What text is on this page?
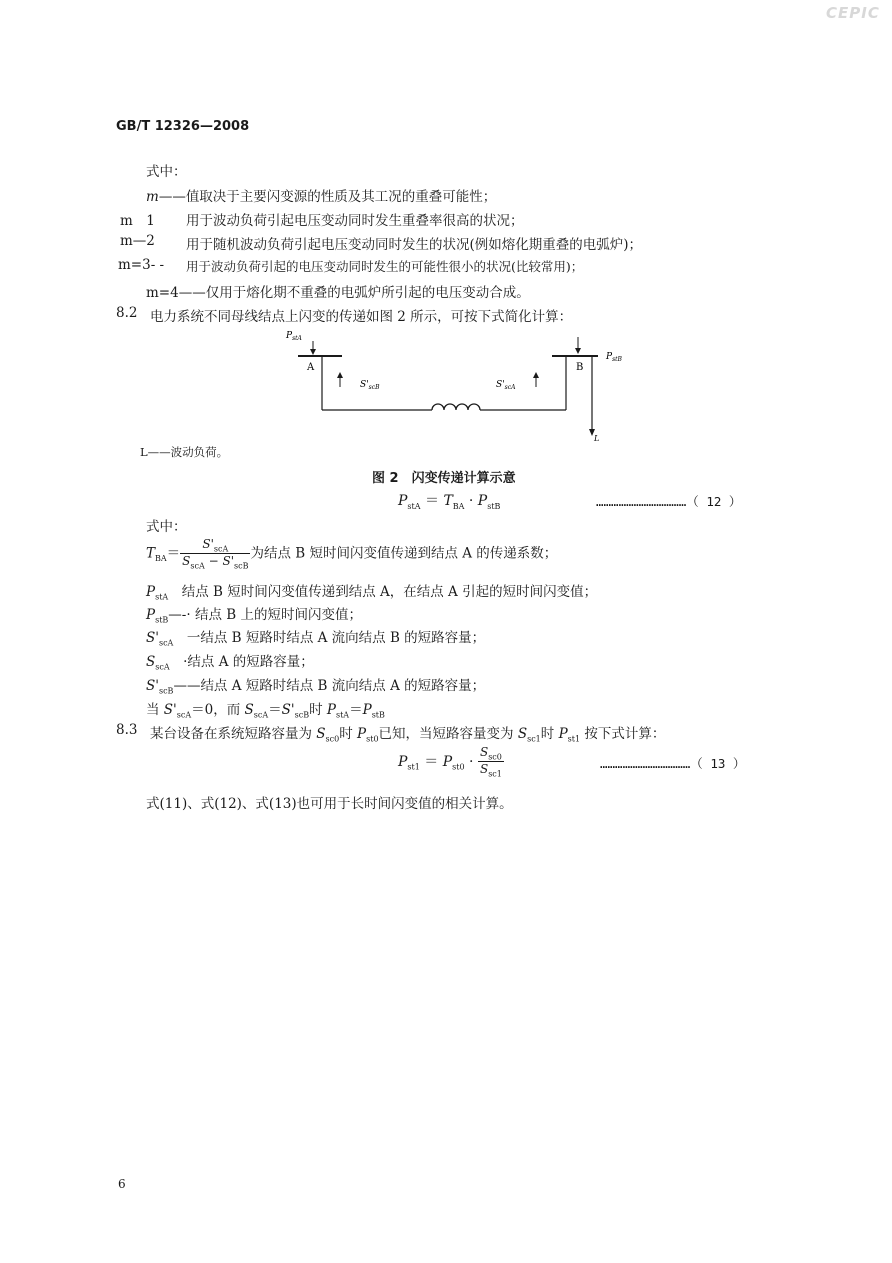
CEPIC
GB/T 12326—2008
式中：
m——值取决于主要闪变源的性质及其工况的重叠可能性；
m　1 用于波动负荷引起电压变动同时发生重叠率很高的状况；
m—2 用于随机波动负荷引起电压变动同时发生的状况(例如熔化期重叠的电弧炉)；
m=3- - 用于波动负荷引起的电压变动同时发生的可能性很小的状况(比较常用)；
m=4——仅用于熔化期不重叠的电弧炉所引起的电压变动合成。
8.2 电力系统不同母线结点上闪变的传递如图 2 所示，可按下式简化计算：
$P_{stA}$
A
$S'_{scB}$	$S'_{scA}$
B
$P_{stB}$
L
L——波动负荷。
图 2　闪变传递计算示意
$P_{stA} = T_{BA} \cdot P_{stB}$	………………………………（ 12 ）
式中：
$T_{BA}= \frac{S'_{scA}}{S_{scA} - S'_{scB}}$ 为结点 B 短时间闪变值传递到结点 A 的传递系数；
$P_{stA}$　结点 B 短时间闪变值传递到结点 A，在结点 A 引起的短时间闪变值；
$P_{stB}—-\cdot$ 结点 B 上的短时间闪变值；
$S'_{scA}$　 一结点 B 短路时结点 A 流向结点 B 的短路容量；
$S_{scA}$　 ·结点 A 的短路容量；
$S'_{scB}——$结点 A 短路时结点 B 流向结点 A 的短路容量；
当 $S'_{scA}=0$，而 $S_{scA}=S'_{scB}$时 $P_{stA}=P_{stB}$
8.3 某台设备在系统短路容量为 $S_{sc0}$时 $P_{st0}$已知，当短路容量变为 $S_{sc1}$时 $P_{st1}$ 按下式计算：
$P_{st1} = P_{st0} \cdot \frac{S_{sc0}}{S_{sc1}}$	………………………………（ 13 ）
式(11)、式(12)、式(13)也可用于长时间闪变值的相关计算。
6
